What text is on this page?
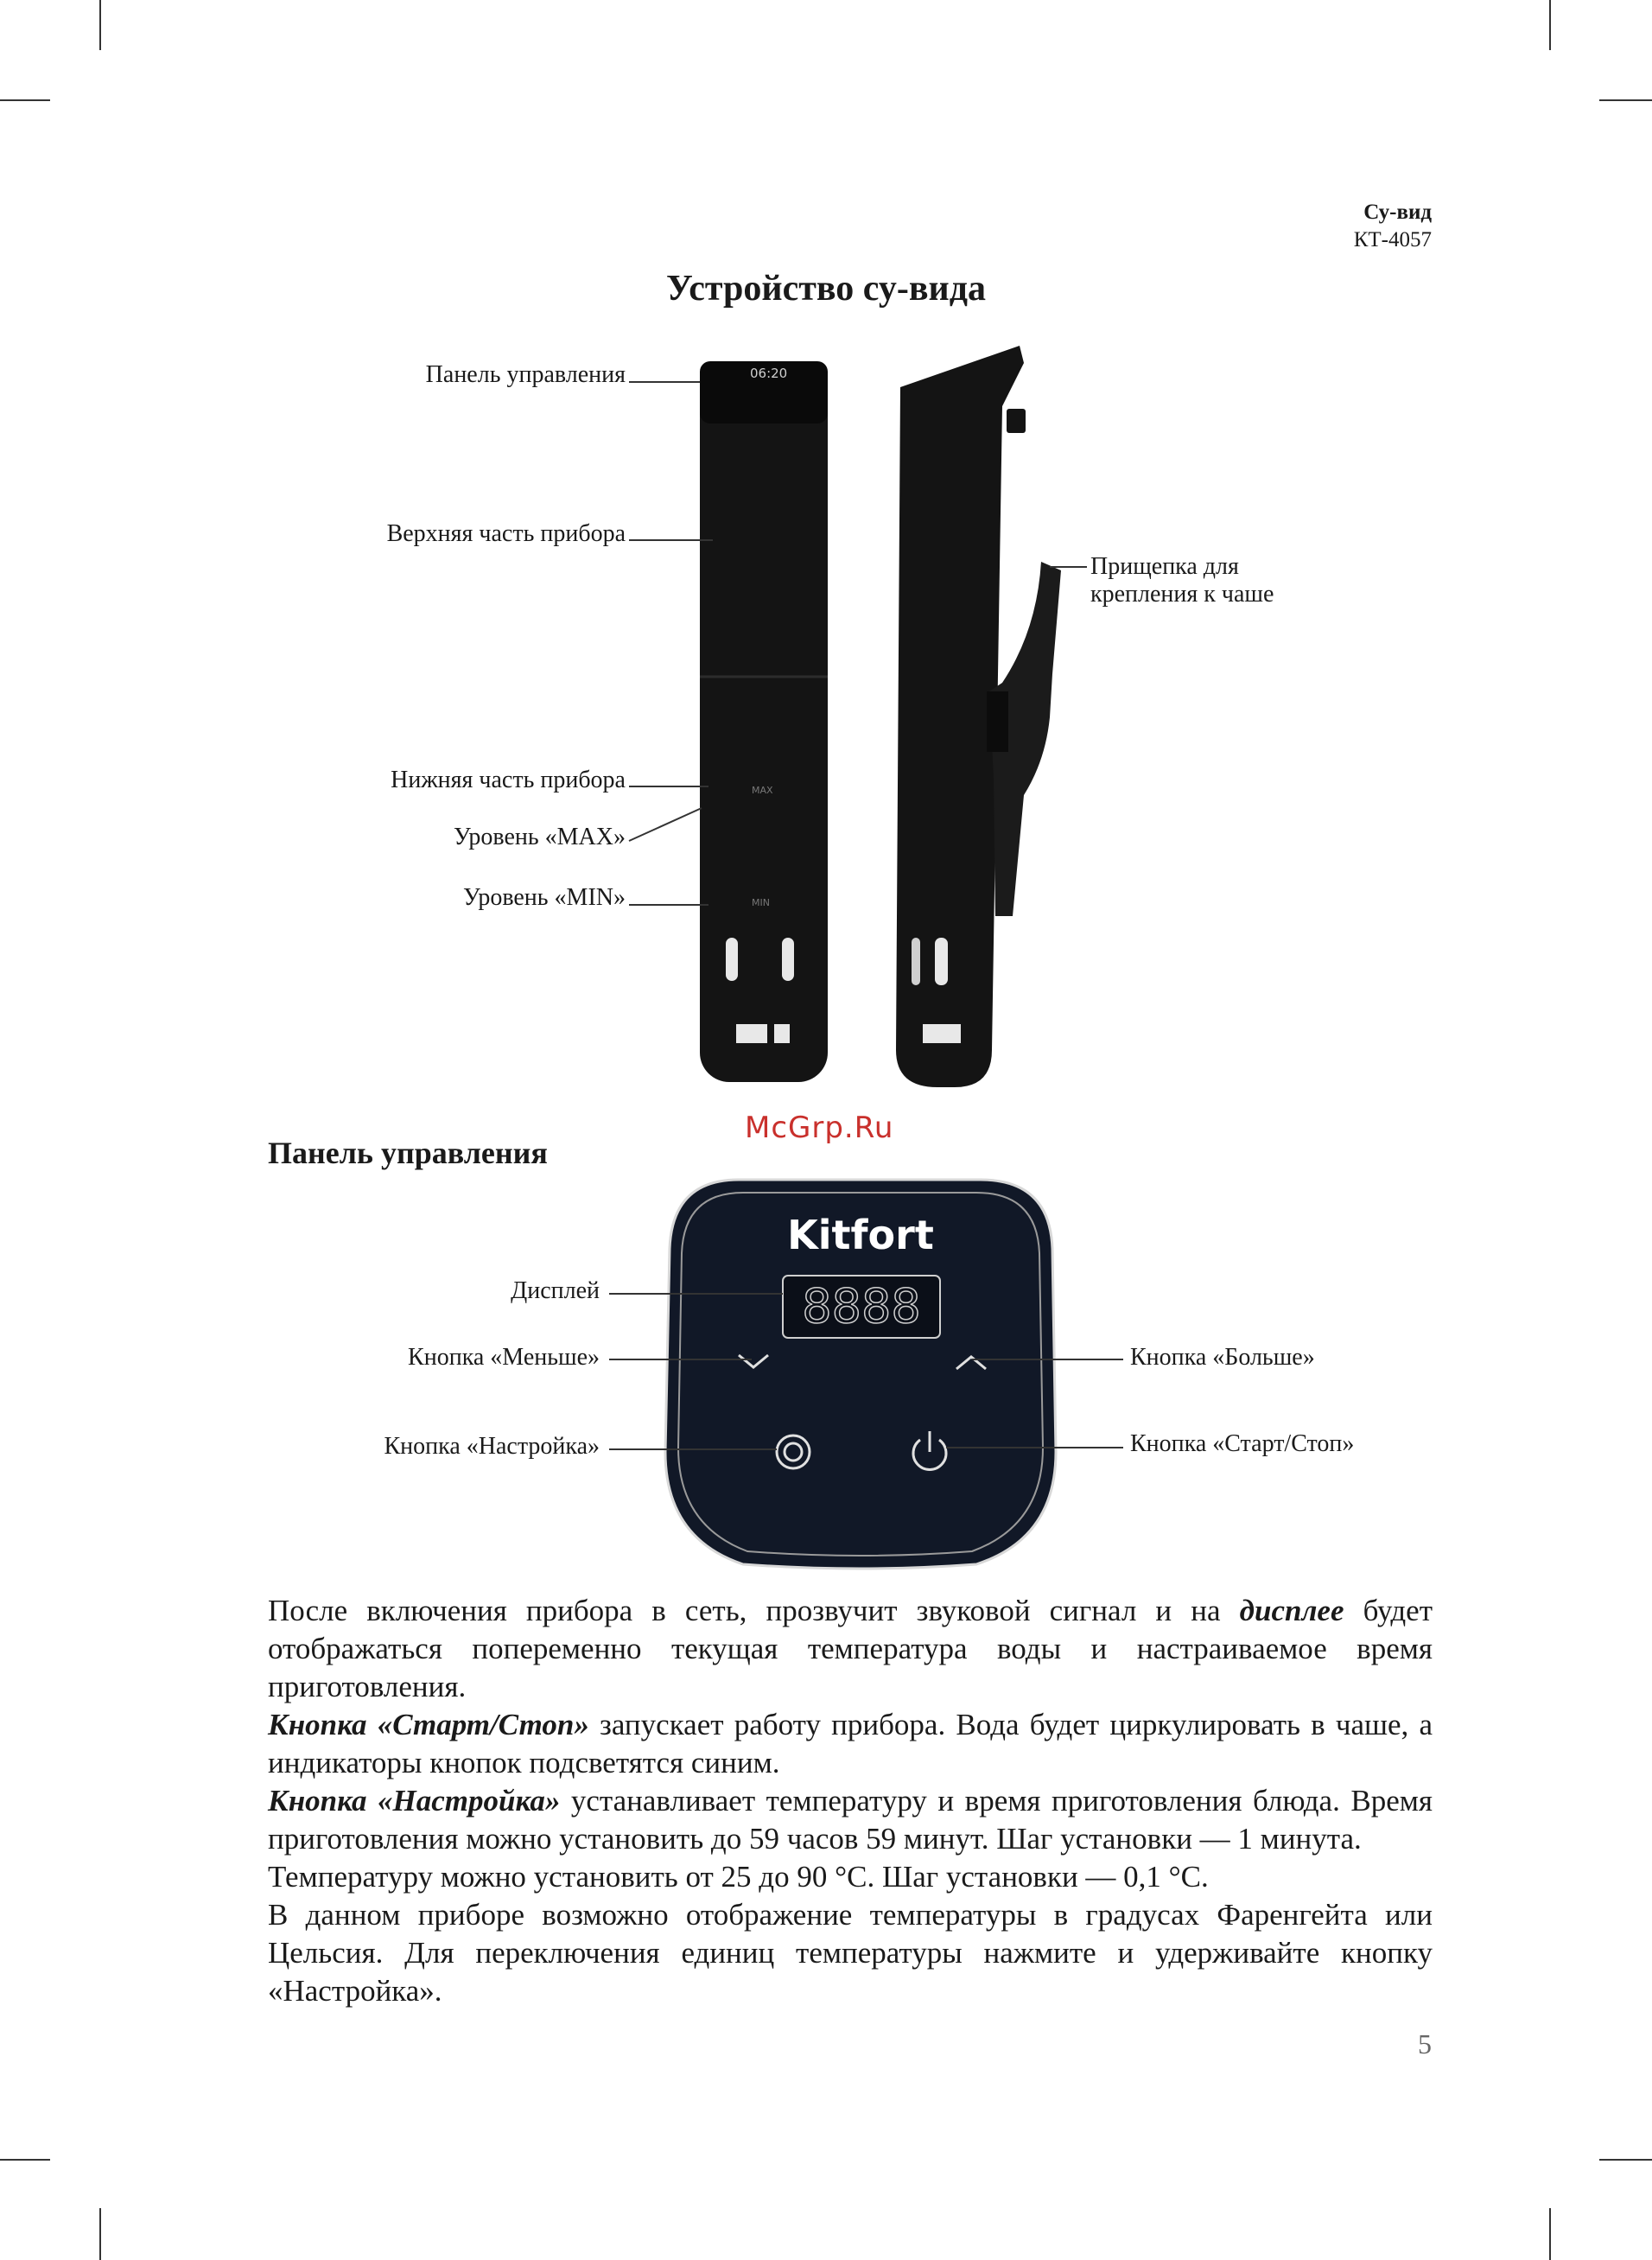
Су-вид
КТ-4057
Устройство су-вида
06:20
MAX
MIN
Панель управления
Верхняя часть прибора
Нижняя часть прибора
Уровень «MAX»
Уровень «MIN»
Прищепка для
крепления к чаше
McGrp.Ru
Панель управления
Kitfort
8888
Дисплей
Кнопка «Меньше»	Кнопка «Больше»
Кнопка «Настройка»	Кнопка «Старт/Стоп»

После включения прибора в сеть, прозвучит звуковой сигнал и на дисплее будет отображаться попеременно текущая температура воды и настраиваемое время приготовления.

Кнопка «Старт/Стоп» запускает работу прибора. Вода будет циркулировать в чаше, а индикаторы кнопок подсветятся синим.

Кнопка «Настройка» устанавливает температуру и время приготовления блюда. Время приготовления можно установить до 59 часов 59 минут. Шаг установки — 1 минута.

Температуру можно установить от 25 до 90 °C. Шаг установки — 0,1 °C.

В данном приборе возможно отображение температуры в градусах Фаренгейта или Цельсия. Для переключения единиц температуры нажмите и удерживайте кнопку «Настройка».

5
